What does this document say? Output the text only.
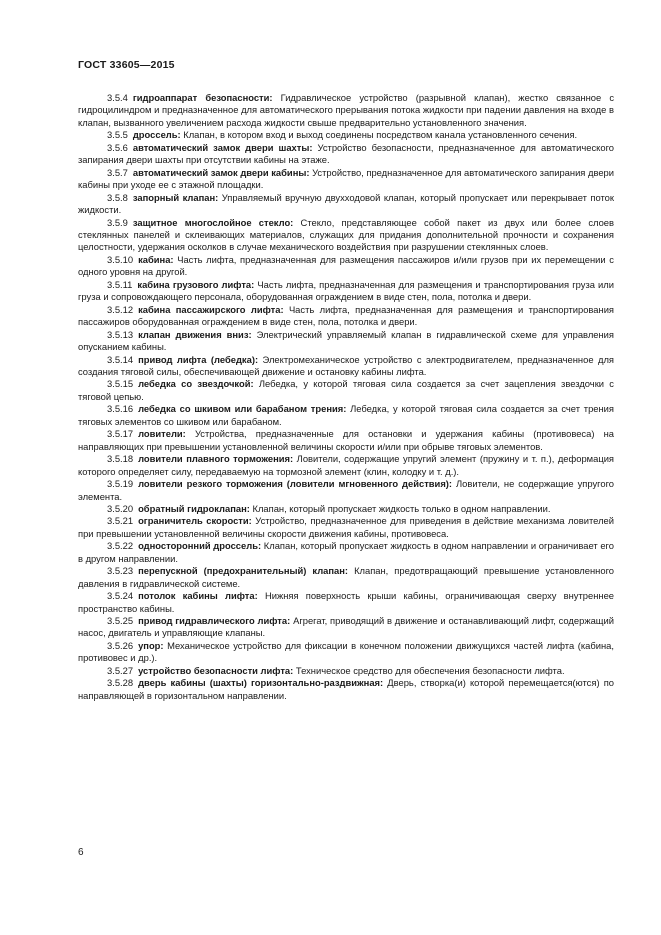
ГОСТ 33605—2015

3.5.4 гидроаппарат безопасности: Гидравлическое устройство (разрывной клапан), жестко связанное с гидроцилиндром и предназначенное для автоматического прерывания потока жидкости при падении давления на входе в клапан, вызванного увеличением расхода жидкости свыше предварительно установленного значения.

3.5.5 дроссель: Клапан, в котором вход и выход соединены посредством канала установленного сечения.

3.5.6 автоматический замок двери шахты: Устройство безопасности, предназначенное для автоматического запирания двери шахты при отсутствии кабины на этаже.

3.5.7 автоматический замок двери кабины: Устройство, предназначенное для автоматического запирания двери кабины при уходе ее с этажной площадки.

3.5.8 запорный клапан: Управляемый вручную двухходовой клапан, который пропускает или перекрывает поток жидкости.

3.5.9 защитное многослойное стекло: Стекло, представляющее собой пакет из двух или более слоев стеклянных панелей и склеивающих материалов, служащих для придания дополнительной прочности и сохранения целостности, удержания осколков в случае механического воздействия при разрушении стеклянных слоев.

3.5.10 кабина: Часть лифта, предназначенная для размещения пассажиров и/или грузов при их перемещении с одного уровня на другой.

3.5.11 кабина грузового лифта: Часть лифта, предназначенная для размещения и транспортирования груза или груза и сопровождающего персонала, оборудованная ограждением в виде стен, пола, потолка и двери.

3.5.12 кабина пассажирского лифта: Часть лифта, предназначенная для размещения и транспортирования пассажиров оборудованная ограждением в виде стен, пола, потолка и двери.

3.5.13 клапан движения вниз: Электрический управляемый клапан в гидравлической схеме для управления опусканием кабины.

3.5.14 привод лифта (лебедка): Электромеханическое устройство с электродвигателем, предназначенное для создания тяговой силы, обеспечивающей движение и остановку кабины лифта.

3.5.15 лебедка со звездочкой: Лебедка, у которой тяговая сила создается за счет зацепления звездочки с тяговой цепью.

3.5.16 лебедка со шкивом или барабаном трения: Лебедка, у которой тяговая сила создается за счет трения тяговых элементов со шкивом или барабаном.

3.5.17 ловители: Устройства, предназначенные для остановки и удержания кабины (противовеса) на направляющих при превышении установленной величины скорости и/или при обрыве тяговых элементов.

3.5.18 ловители плавного торможения: Ловители, содержащие упругий элемент (пружину и т. п.), деформация которого определяет силу, передаваемую на тормозной элемент (клин, колодку и т. д.).

3.5.19 ловители резкого торможения (ловители мгновенного действия): Ловители, не содержащие упругого элемента.

3.5.20 обратный гидроклапан: Клапан, который пропускает жидкость только в одном направлении.

3.5.21 ограничитель скорости: Устройство, предназначенное для приведения в действие механизма ловителей при превышении установленной величины скорости движения кабины, противовеса.

3.5.22 односторонний дроссель: Клапан, который пропускает жидкость в одном направлении и ограничивает его в другом направлении.

3.5.23 перепускной (предохранительный) клапан: Клапан, предотвращающий превышение установленного давления в гидравлической системе.

3.5.24 потолок кабины лифта: Нижняя поверхность крыши кабины, ограничивающая сверху внутреннее пространство кабины.

3.5.25 привод гидравлического лифта: Агрегат, приводящий в движение и останавливающий лифт, содержащий насос, двигатель и управляющие клапаны.

3.5.26 упор: Механическое устройство для фиксации в конечном положении движущихся частей лифта (кабина, противовес и др.).

3.5.27 устройство безопасности лифта: Техническое средство для обеспечения безопасности лифта.

3.5.28 дверь кабины (шахты) горизонтально-раздвижная: Дверь, створка(и) которой перемещается(ются) по направляющей в горизонтальном направлении.

6
